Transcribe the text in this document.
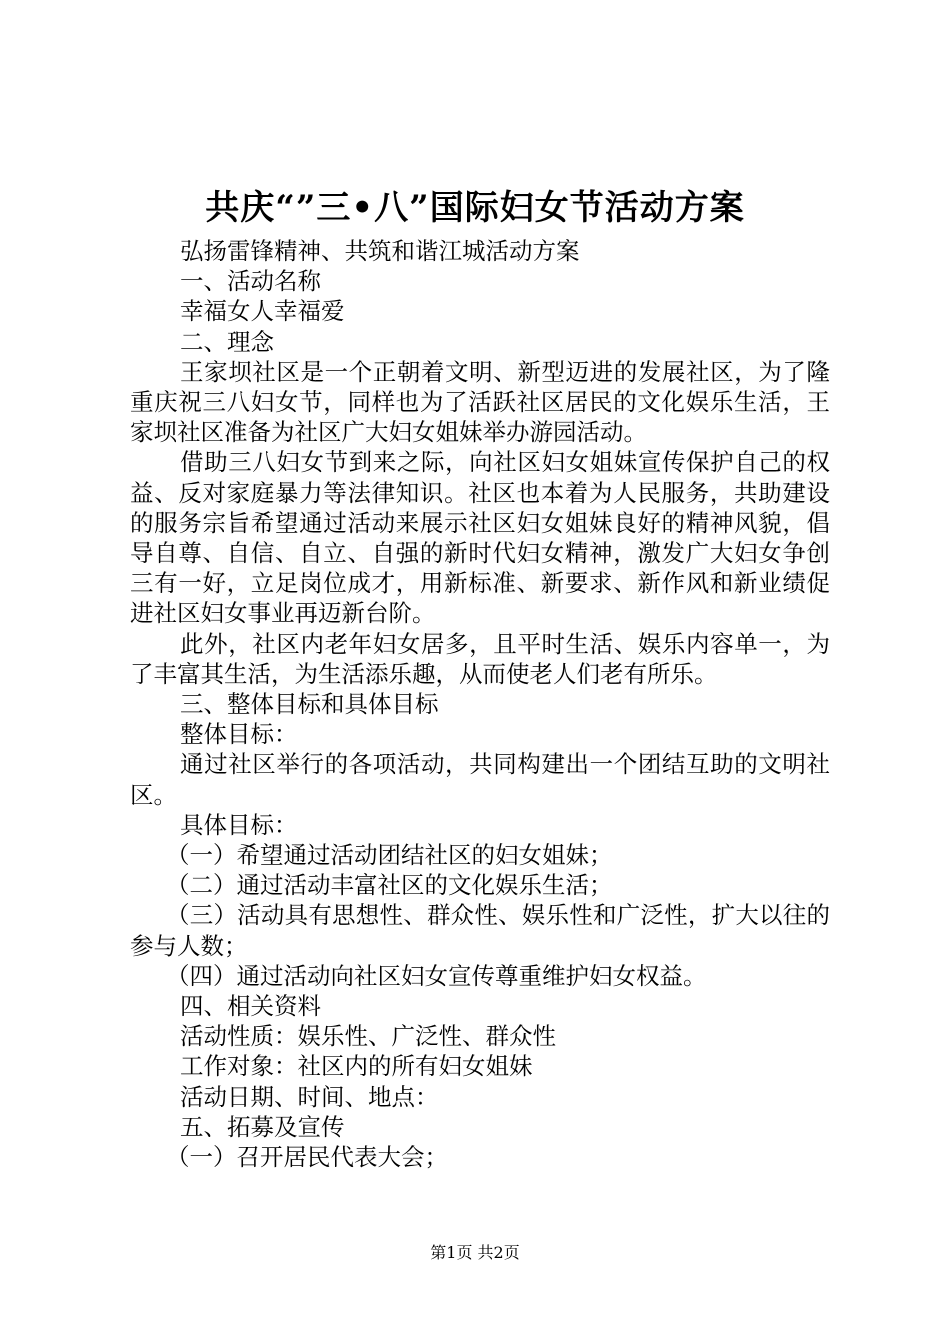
共庆“”三•八”国际妇女节活动方案

弘扬雷锋精神、共筑和谐江城活动方案

一、活动名称

幸福女人幸福爱

二、理念

王家坝社区是一个正朝着文明、新型迈进的发展社区，为了隆重庆祝三八妇女节，同样也为了活跃社区居民的文化娱乐生活，王家坝社区准备为社区广大妇女姐妹举办游园活动。

借助三八妇女节到来之际，向社区妇女姐妹宣传保护自己的权益、反对家庭暴力等法律知识。社区也本着为人民服务，共助建设的服务宗旨希望通过活动来展示社区妇女姐妹良好的精神风貌，倡导自尊、自信、自立、自强的新时代妇女精神，激发广大妇女争创三有一好，立足岗位成才，用新标准、新要求、新作风和新业绩促进社区妇女事业再迈新台阶。

此外，社区内老年妇女居多，且平时生活、娱乐内容单一，为了丰富其生活，为生活添乐趣，从而使老人们老有所乐。

三、整体目标和具体目标

整体目标：

通过社区举行的各项活动，共同构建出一个团结互助的文明社区。

具体目标：

（一）希望通过活动团结社区的妇女姐妹；

（二）通过活动丰富社区的文化娱乐生活；

（三）活动具有思想性、群众性、娱乐性和广泛性，扩大以往的参与人数；

（四）通过活动向社区妇女宣传尊重维护妇女权益。

四、相关资料

活动性质：娱乐性、广泛性、群众性

工作对象：社区内的所有妇女姐妹

活动日期、时间、地点：

五、拓募及宣传

（一）召开居民代表大会；

第1页 共2页
